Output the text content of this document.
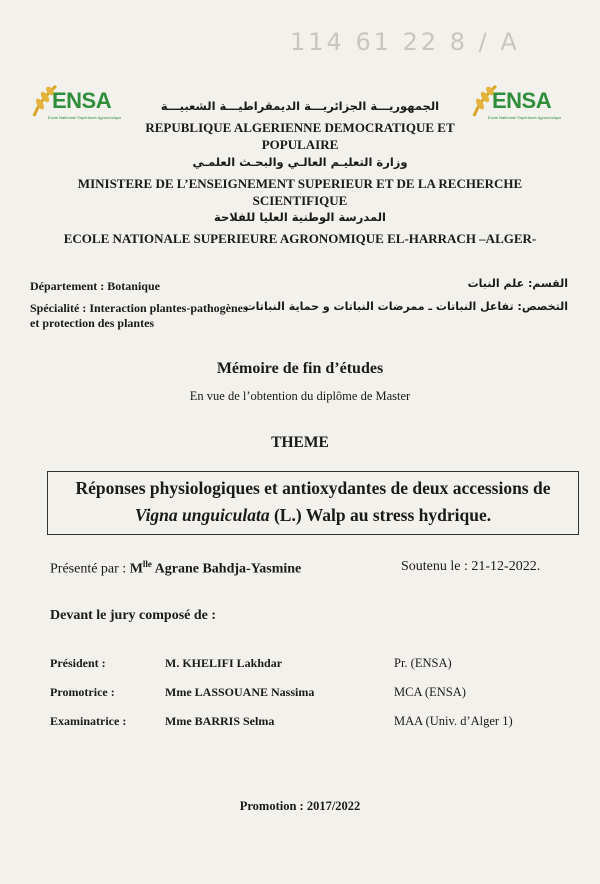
114 61 22 8 / A
ENSA
Ecole Nationale Supérieure Agronomique
ENSA
Ecole Nationale Supérieure Agronomique
الجمهوريـــة الجزائريـــة الديمقراطيـــة الشعبيـــة
REPUBLIQUE ALGERIENNE DEMOCRATIQUE ET
POPULAIRE
وزارة التعليـم العالـي والبحـث العلمـي
MINISTERE DE L’ENSEIGNEMENT SUPERIEUR ET DE LA RECHERCHE
SCIENTIFIQUE
المدرسة الوطنية العليا للفلاحة
ECOLE NATIONALE SUPERIEURE AGRONOMIQUE EL-HARRACH –ALGER-
Département : Botanique	القسم: علم النبات
Spécialité : Interaction plantes-pathogènes
et protection des plantes
التخصص: تفاعل النباتات ـ ممرضات النباتات و حماية النباتات
Mémoire de fin d’études
En vue de l’obtention du diplôme de Master
THEME
Réponses physiologiques et antioxydantes de deux accessions de
Vigna unguiculata (L.) Walp au stress hydrique.
Présenté par : $M^{lle}$ Agrane Bahdja-Yasmine	Soutenu le : 21-12-2022.
Devant le jury composé de :
Président :	M. KHELIFI Lakhdar	Pr. (ENSA)
Promotrice :	Mme LASSOUANE Nassima	MCA (ENSA)
Examinatrice :	Mme BARRIS Selma	MAA (Univ. d’Alger 1)
Promotion : 2017/2022
